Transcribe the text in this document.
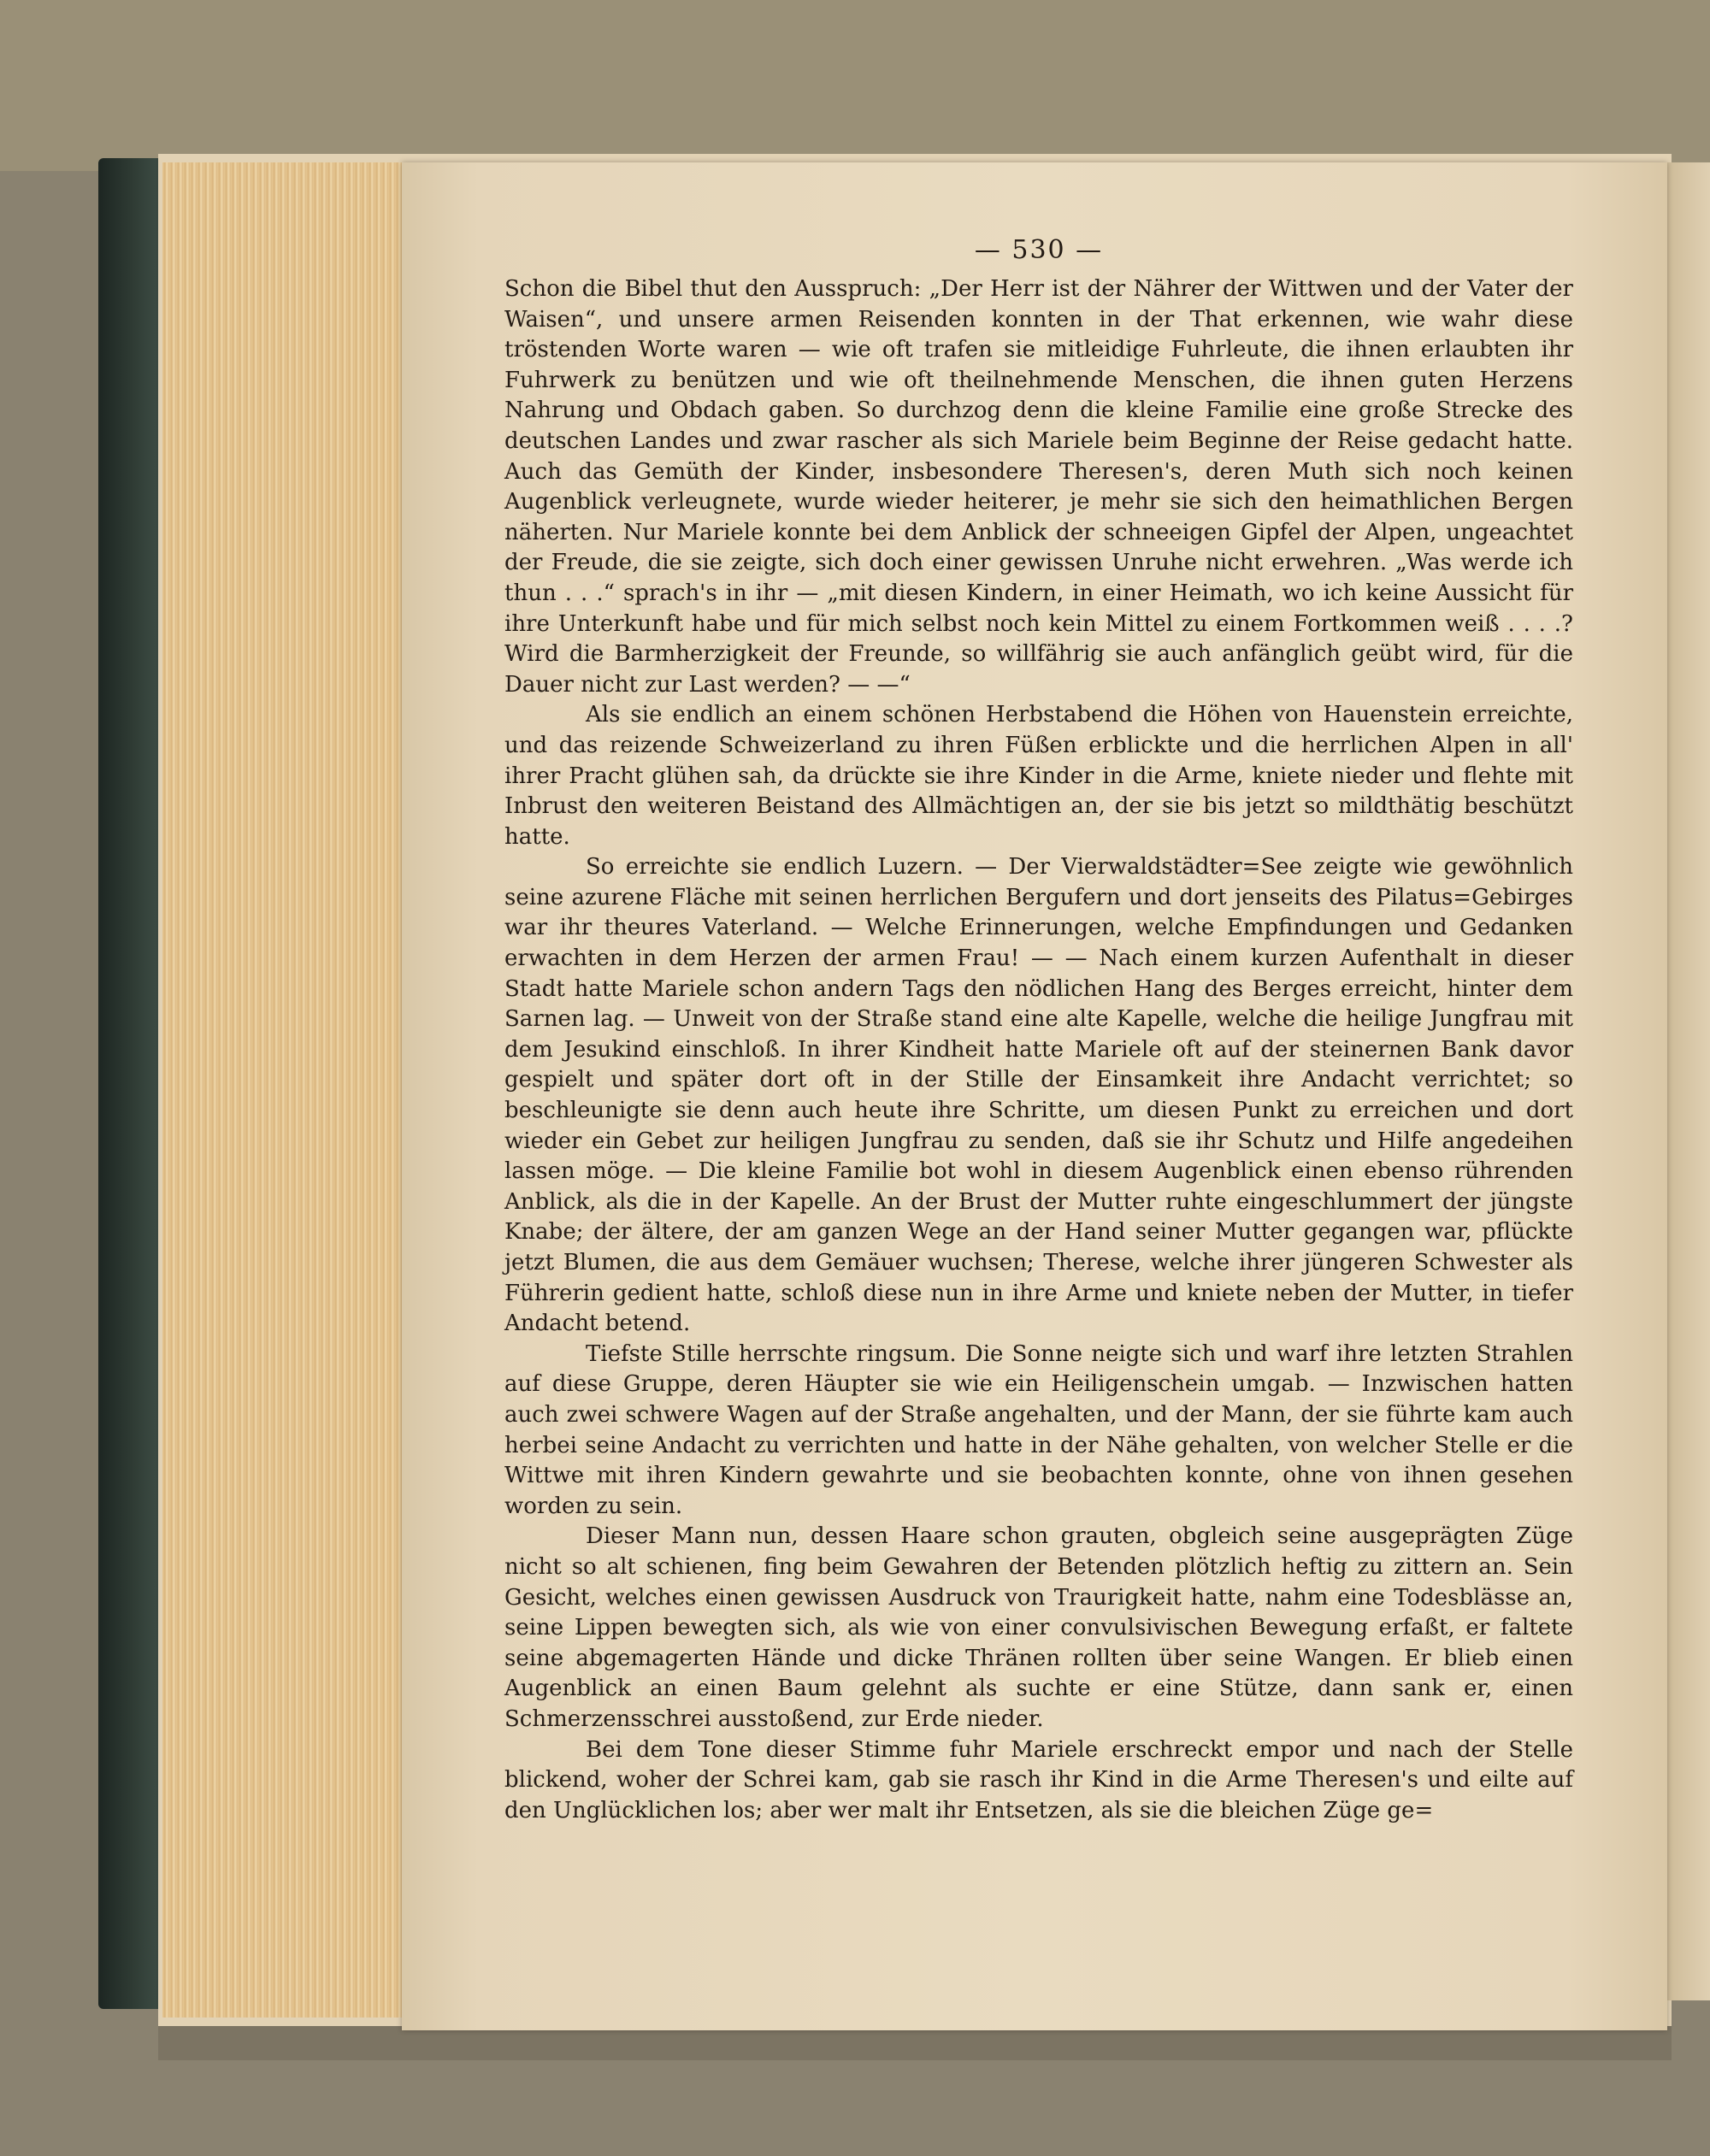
— 530 —

Schon die Bibel thut den Ausspruch: „Der Herr ist der Nährer der Wittwen und der Vater der Waisen“, und unsere armen Reisenden konnten in der That erkennen, wie wahr diese tröstenden Worte waren — wie oft trafen sie mitleidige Fuhrleute, die ihnen erlaubten ihr Fuhrwerk zu benützen und wie oft theilnehmende Menschen, die ihnen guten Herzens Nahrung und Obdach gaben. So durchzog denn die kleine Familie eine große Strecke des deutschen Landes und zwar rascher als sich Mariele beim Beginne der Reise gedacht hatte. Auch das Gemüth der Kinder, insbesondere Theresen's, deren Muth sich noch keinen Augenblick verleugnete, wurde wieder heiterer, je mehr sie sich den heimathlichen Bergen näherten. Nur Mariele konnte bei dem Anblick der schneeigen Gipfel der Alpen, ungeachtet der Freude, die sie zeigte, sich doch einer gewissen Unruhe nicht erwehren. „Was werde ich thun . . .“ sprach's in ihr — „mit diesen Kindern, in einer Heimath, wo ich keine Aussicht für ihre Unterkunft habe und für mich selbst noch kein Mittel zu einem Fortkommen weiß . . . .? Wird die Barmherzigkeit der Freunde, so willfährig sie auch anfänglich geübt wird, für die Dauer nicht zur Last werden? — —“

Als sie endlich an einem schönen Herbstabend die Höhen von Hauenstein erreichte, und das reizende Schweizerland zu ihren Füßen erblickte und die herrlichen Alpen in all' ihrer Pracht glühen sah, da drückte sie ihre Kinder in die Arme, kniete nieder und flehte mit Inbrust den weiteren Beistand des Allmächtigen an, der sie bis jetzt so mildthätig beschützt hatte.

So erreichte sie endlich Luzern. — Der Vierwaldstädter=See zeigte wie gewöhnlich seine azurene Fläche mit seinen herrlichen Bergufern und dort jenseits des Pilatus=Gebirges war ihr theures Vaterland. — Welche Erinnerungen, welche Empfindungen und Gedanken erwachten in dem Herzen der armen Frau! — — Nach einem kurzen Aufenthalt in dieser Stadt hatte Mariele schon andern Tags den nödlichen Hang des Berges erreicht, hinter dem Sarnen lag. — Unweit von der Straße stand eine alte Kapelle, welche die heilige Jungfrau mit dem Jesukind einschloß. In ihrer Kindheit hatte Mariele oft auf der steinernen Bank davor gespielt und später dort oft in der Stille der Einsamkeit ihre Andacht verrichtet; so beschleunigte sie denn auch heute ihre Schritte, um diesen Punkt zu erreichen und dort wieder ein Gebet zur heiligen Jungfrau zu senden, daß sie ihr Schutz und Hilfe angedeihen lassen möge. — Die kleine Familie bot wohl in diesem Augenblick einen ebenso rührenden Anblick, als die in der Kapelle. An der Brust der Mutter ruhte eingeschlummert der jüngste Knabe; der ältere, der am ganzen Wege an der Hand seiner Mutter gegangen war, pflückte jetzt Blumen, die aus dem Gemäuer wuchsen; Therese, welche ihrer jüngeren Schwester als Führerin gedient hatte, schloß diese nun in ihre Arme und kniete neben der Mutter, in tiefer Andacht betend.

Tiefste Stille herrschte ringsum. Die Sonne neigte sich und warf ihre letzten Strahlen auf diese Gruppe, deren Häupter sie wie ein Heiligenschein umgab. — Inzwischen hatten auch zwei schwere Wagen auf der Straße angehalten, und der Mann, der sie führte kam auch herbei seine Andacht zu verrichten und hatte in der Nähe gehalten, von welcher Stelle er die Wittwe mit ihren Kindern gewahrte und sie beobachten konnte, ohne von ihnen gesehen worden zu sein.

Dieser Mann nun, dessen Haare schon grauten, obgleich seine ausgeprägten Züge nicht so alt schienen, fing beim Gewahren der Betenden plötzlich heftig zu zittern an. Sein Gesicht, welches einen gewissen Ausdruck von Traurigkeit hatte, nahm eine Todesblässe an, seine Lippen bewegten sich, als wie von einer convulsivischen Bewegung erfaßt, er faltete seine abgemagerten Hände und dicke Thränen rollten über seine Wangen. Er blieb einen Augenblick an einen Baum gelehnt als suchte er eine Stütze, dann sank er, einen Schmerzensschrei ausstoßend, zur Erde nieder.

Bei dem Tone dieser Stimme fuhr Mariele erschreckt empor und nach der Stelle blickend, woher der Schrei kam, gab sie rasch ihr Kind in die Arme Theresen's und eilte auf den Unglücklichen los; aber wer malt ihr Entsetzen, als sie die bleichen Züge ge=
